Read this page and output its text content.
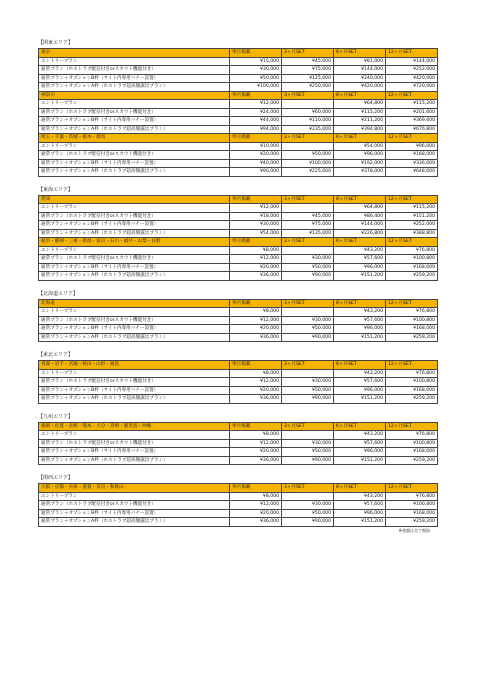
【関東エリア】
東京	単月掲載	3ヶ月SET	6ヶ月SET	12ヶ月SET
エントリープラン	¥15,000	¥45,000	¥81,000	¥144,000
通常プラン（ホストラブ配信付きorスカウト機能付き）	¥30,000	¥75,000	¥144,000	¥252,000
通常プラン＋オプションB枠（サイト内専用バナー設置）	¥50,000	¥125,000	¥240,000	¥420,000
通常プラン＋オプションA枠（ホストラブ超高額露出プラン）	¥100,000	¥250,000	¥420,000	¥720,000
神奈川	単月掲載	3ヶ月SET	6ヶ月SET	12ヶ月SET
エントリープラン	¥12,000		¥64,800	¥115,200
通常プラン（ホストラブ配信付きorスカウト機能付き）	¥24,000	¥60,000	¥115,200	¥201,600
通常プラン＋オプションB枠（サイト内専用バナー設置）	¥44,000	¥110,000	¥211,200	¥369,600
通常プラン＋オプションA枠（ホストラブ超高額露出プラン）	¥94,000	¥235,000	¥394,800	¥676,800
埼玉・千葉・茨城・栃木・群馬	単月掲載	3ヶ月SET	6ヶ月SET	12ヶ月SET
エントリープラン	¥10,000		¥54,000	¥96,000
通常プラン（ホストラブ配信付きorスカウト機能付き）	¥20,000	¥50,000	¥96,000	¥168,000
通常プラン＋オプションB枠（サイト内専用バナー設置）	¥40,000	¥100,000	¥192,000	¥336,000
通常プラン＋オプションA枠（ホストラブ超高額露出プラン）	¥90,000	¥225,000	¥378,000	¥648,000
【東海エリア】
愛知	単月掲載	3ヶ月SET	6ヶ月SET	12ヶ月SET
エントリープラン	¥12,000		¥64,800	¥115,200
通常プラン（ホストラブ配信付きorスカウト機能付き）	¥18,000	¥45,000	¥86,400	¥151,200
通常プラン＋オプションB枠（サイト内専用バナー設置）	¥30,000	¥75,000	¥144,000	¥252,000
通常プラン＋オプションA枠（ホストラブ超高額露出プラン）	¥54,000	¥135,000	¥226,800	¥388,800
岐阜・静岡・三重・新潟・富山・石川・福井・山梨・長野	単月掲載	3ヶ月SET	6ヶ月SET	12ヶ月SET
エントリープラン	¥8,000		¥43,200	¥76,800
通常プラン（ホストラブ配信付きorスカウト機能付き）	¥12,000	¥30,000	¥57,600	¥100,800
通常プラン＋オプションB枠（サイト内専用バナー設置）	¥20,000	¥50,000	¥96,000	¥168,000
通常プラン＋オプションA枠（ホストラブ超高額露出プラン）	¥36,000	¥90,000	¥151,200	¥259,200
【北海道エリア】
北海道	単月掲載	3ヶ月SET	6ヶ月SET	12ヶ月SET
エントリープラン	¥8,000		¥43,200	¥76,800
通常プラン（ホストラブ配信付きorスカウト機能付き）	¥12,000	¥30,000	¥57,600	¥100,800
通常プラン＋オプションB枠（サイト内専用バナー設置）	¥20,000	¥50,000	¥96,000	¥168,000
通常プラン＋オプションA枠（ホストラブ超高額露出プラン）	¥36,000	¥90,000	¥151,200	¥259,200
【東北エリア】
青森・岩手・宮城・秋田・山形・福島	単月掲載	3ヶ月SET	6ヶ月SET	12ヶ月SET
エントリープラン	¥8,000		¥43,200	¥76,800
通常プラン（ホストラブ配信付きorスカウト機能付き）	¥12,000	¥30,000	¥57,600	¥100,800
通常プラン＋オプションB枠（サイト内専用バナー設置）	¥20,000	¥50,000	¥96,000	¥168,000
通常プラン＋オプションA枠（ホストラブ超高額露出プラン）	¥36,000	¥90,000	¥151,200	¥259,200
【九州エリア】
福岡・佐賀・長崎・熊本・大分・宮崎・鹿児島・沖縄	単月掲載	3ヶ月SET	6ヶ月SET	12ヶ月SET
エントリープラン	¥8,000		¥43,200	¥76,800
通常プラン（ホストラブ配信付きorスカウト機能付き）	¥12,000	¥30,000	¥57,600	¥100,800
通常プラン＋オプションB枠（サイト内専用バナー設置）	¥20,000	¥50,000	¥96,000	¥168,000
通常プラン＋オプションA枠（ホストラブ超高額露出プラン）	¥36,000	¥90,000	¥151,200	¥259,200
【関西エリア】
大阪・京都・兵庫・滋賀・奈良・和歌山	単月掲載	3ヶ月SET	6ヶ月SET	12ヶ月SET
エントリープラン	¥8,000		¥43,200	¥76,800
通常プラン（ホストラブ配信付きorスカウト機能付き）	¥12,000	¥30,000	¥57,600	¥100,800
通常プラン＋オプションB枠（サイト内専用バナー設置）	¥20,000	¥50,000	¥96,000	¥168,000
通常プラン＋オプションA枠（ホストラブ超高額露出プラン）	¥36,000	¥90,000	¥151,200	¥259,200
※金額は全て税抜
